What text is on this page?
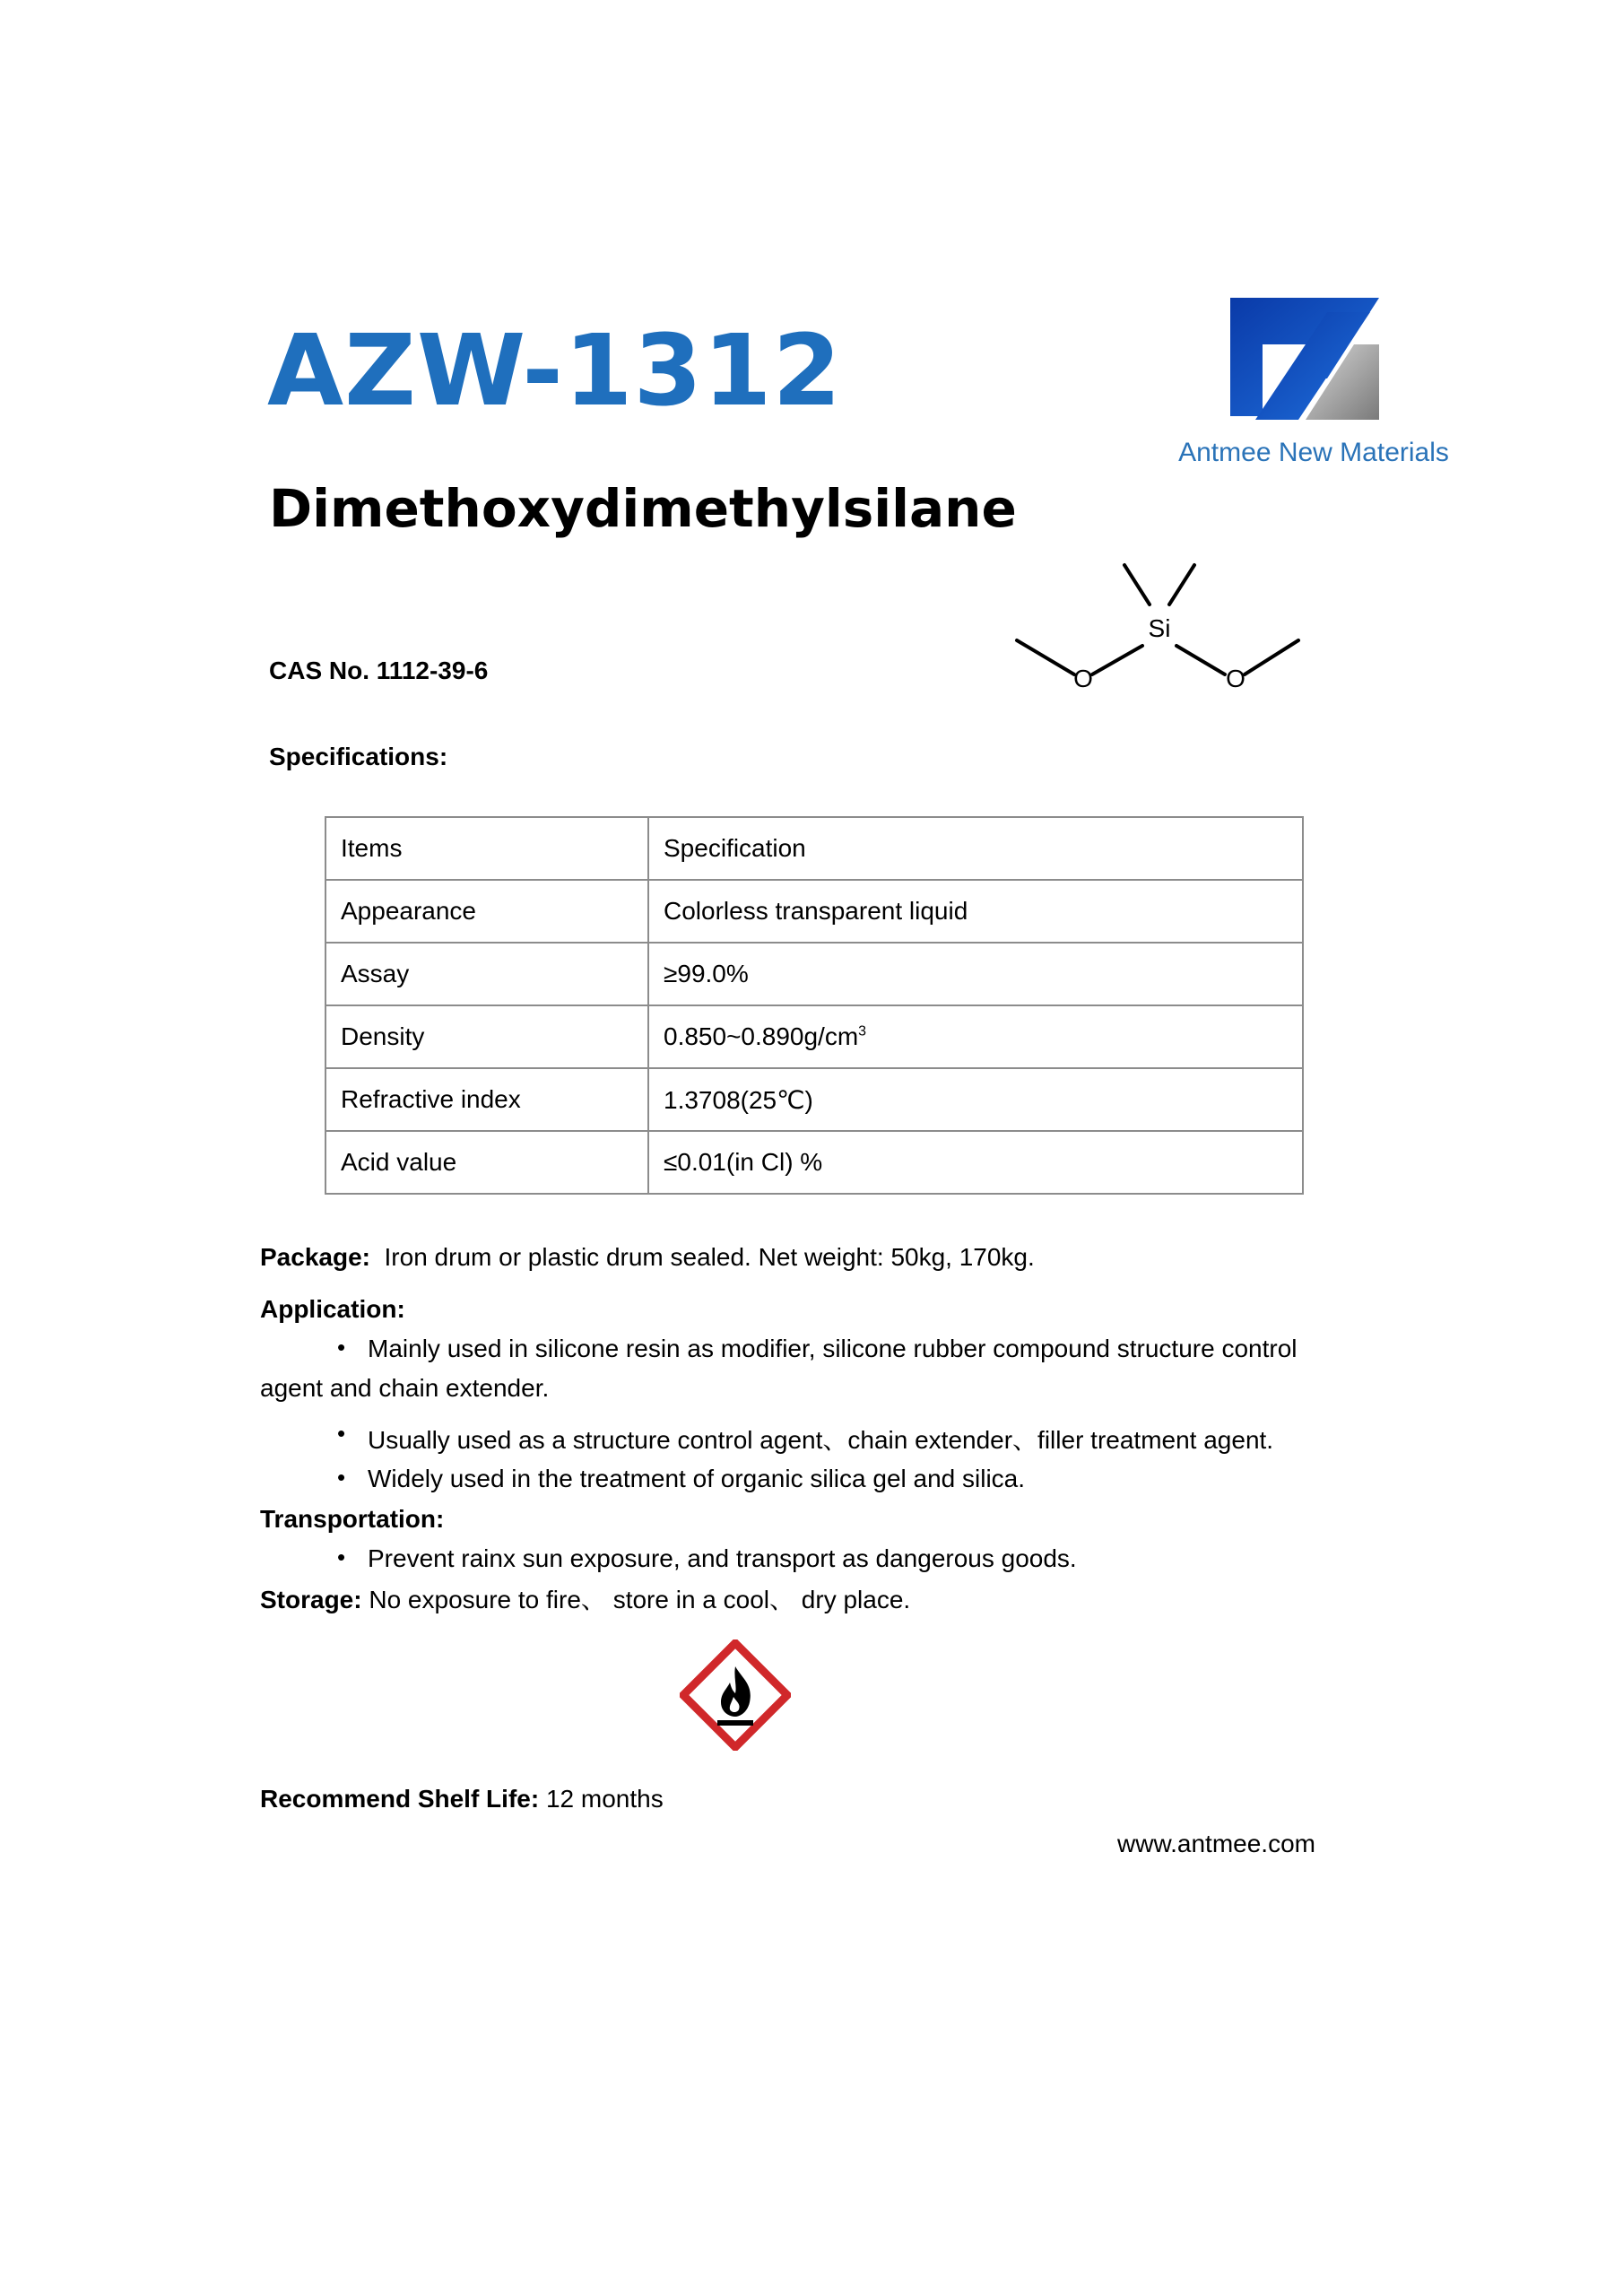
AZW-1312
Dimethoxydimethylsilane
Antmee New Materials
Si
O	O
CAS No. 1112-39-6
Specifications:
Items	Specification
Appearance	Colorless transparent liquid
Assay	≥99.0%
Density	$0.850\sim 0.890g/cm^3$
Refractive index	1.3708(25℃)
Acid value	≤0.01(in Cl) %
Package: Iron drum or plastic drum sealed. Net weight: 50kg, 170kg.
Application:
• Mainly used in silicone resin as modifier, silicone rubber compound structure control
agent and chain extender.
• Usually used as a structure control agent、chain extender、filler treatment agent.
• Widely used in the treatment of organic silica gel and silica.
Transportation:
• Prevent rainx sun exposure, and transport as dangerous goods.
Storage: No exposure to fire、 store in a cool、 dry place.
Recommend Shelf Life: 12 months
www.antmee.com
